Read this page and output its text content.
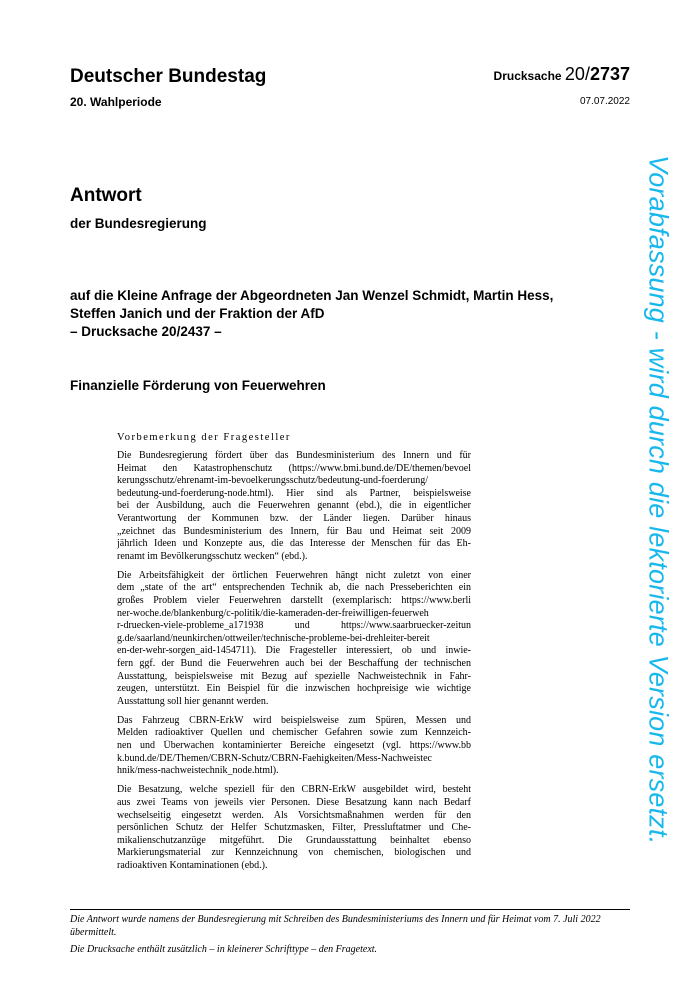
Deutscher Bundestag
20. Wahlperiode
Drucksache 20/2737
07.07.2022
Antwort
der Bundesregierung
auf die Kleine Anfrage der Abgeordneten Jan Wenzel Schmidt, Martin Hess,
Steffen Janich und der Fraktion der AfD
– Drucksache 20/2437 –
Finanzielle Förderung von Feuerwehren
Vorbemerkung der Fragesteller
Die Bundesregierung fördert über das Bundesministerium des Innern und für
Heimat den Katastrophenschutz (https://www.bmi.bund.de/DE/themen/bevoel
kerungsschutz/ehrenamt-im-bevoelkerungsschutz/bedeutung-und-foerderung/
bedeutung-und-foerderung-node.html). Hier sind als Partner, beispielsweise
bei der Ausbildung, auch die Feuerwehren genannt (ebd.), die in eigentlicher
Verantwortung der Kommunen bzw. der Länder liegen. Darüber hinaus
„zeichnet das Bundesministerium des Innern, für Bau und Heimat seit 2009
jährlich Ideen und Konzepte aus, die das Interesse der Menschen für das Eh-
renamt im Bevölkerungsschutz wecken“ (ebd.).
Die Arbeitsfähigkeit der örtlichen Feuerwehren hängt nicht zuletzt von einer
dem „state of the art“ entsprechenden Technik ab, die nach Presseberichten ein
großes Problem vieler Feuerwehren darstellt (exemplarisch: https://www.berli
ner-woche.de/blankenburg/c-politik/die-kameraden-der-freiwilligen-feuerweh
r-druecken-viele-probleme_a171938 und https://www.saarbruecker-zeitun
g.de/saarland/neunkirchen/ottweiler/technische-probleme-bei-drehleiter-bereit
en-der-wehr-sorgen_aid-1454711). Die Fragesteller interessiert, ob und inwie-
fern ggf. der Bund die Feuerwehren auch bei der Beschaffung der technischen
Ausstattung, beispielsweise mit Bezug auf spezielle Nachweistechnik in Fahr-
zeugen, unterstützt. Ein Beispiel für die inzwischen hochpreisige wie wichtige
Ausstattung soll hier genannt werden.
Das Fahrzeug CBRN-ErkW wird beispielsweise zum Spüren, Messen und
Melden radioaktiver Quellen und chemischer Gefahren sowie zum Kennzeich-
nen und Überwachen kontaminierter Bereiche eingesetzt (vgl. https://www.bb
k.bund.de/DE/Themen/CBRN-Schutz/CBRN-Faehigkeiten/Mess-Nachweistec
hnik/mess-nachweistechnik_node.html).
Die Besatzung, welche speziell für den CBRN-ErkW ausgebildet wird, besteht
aus zwei Teams von jeweils vier Personen. Diese Besatzung kann nach Bedarf
wechselseitig eingesetzt werden. Als Vorsichtsmaßnahmen werden für den
persönlichen Schutz der Helfer Schutzmasken, Filter, Pressluftatmer und Che-
mikalienschutzanzüge mitgeführt. Die Grundausstattung beinhaltet ebenso
Markierungsmaterial zur Kennzeichnung von chemischen, biologischen und
radioaktiven Kontaminationen (ebd.).
Die Antwort wurde namens der Bundesregierung mit Schreiben des Bundesministeriums des Innern und für Heimat vom 7. Juli 2022 übermittelt.
Die Drucksache enthält zusätzlich – in kleinerer Schrifttype – den Fragetext.
Vorabfassung - wird durch die lektorierte Version ersetzt.
